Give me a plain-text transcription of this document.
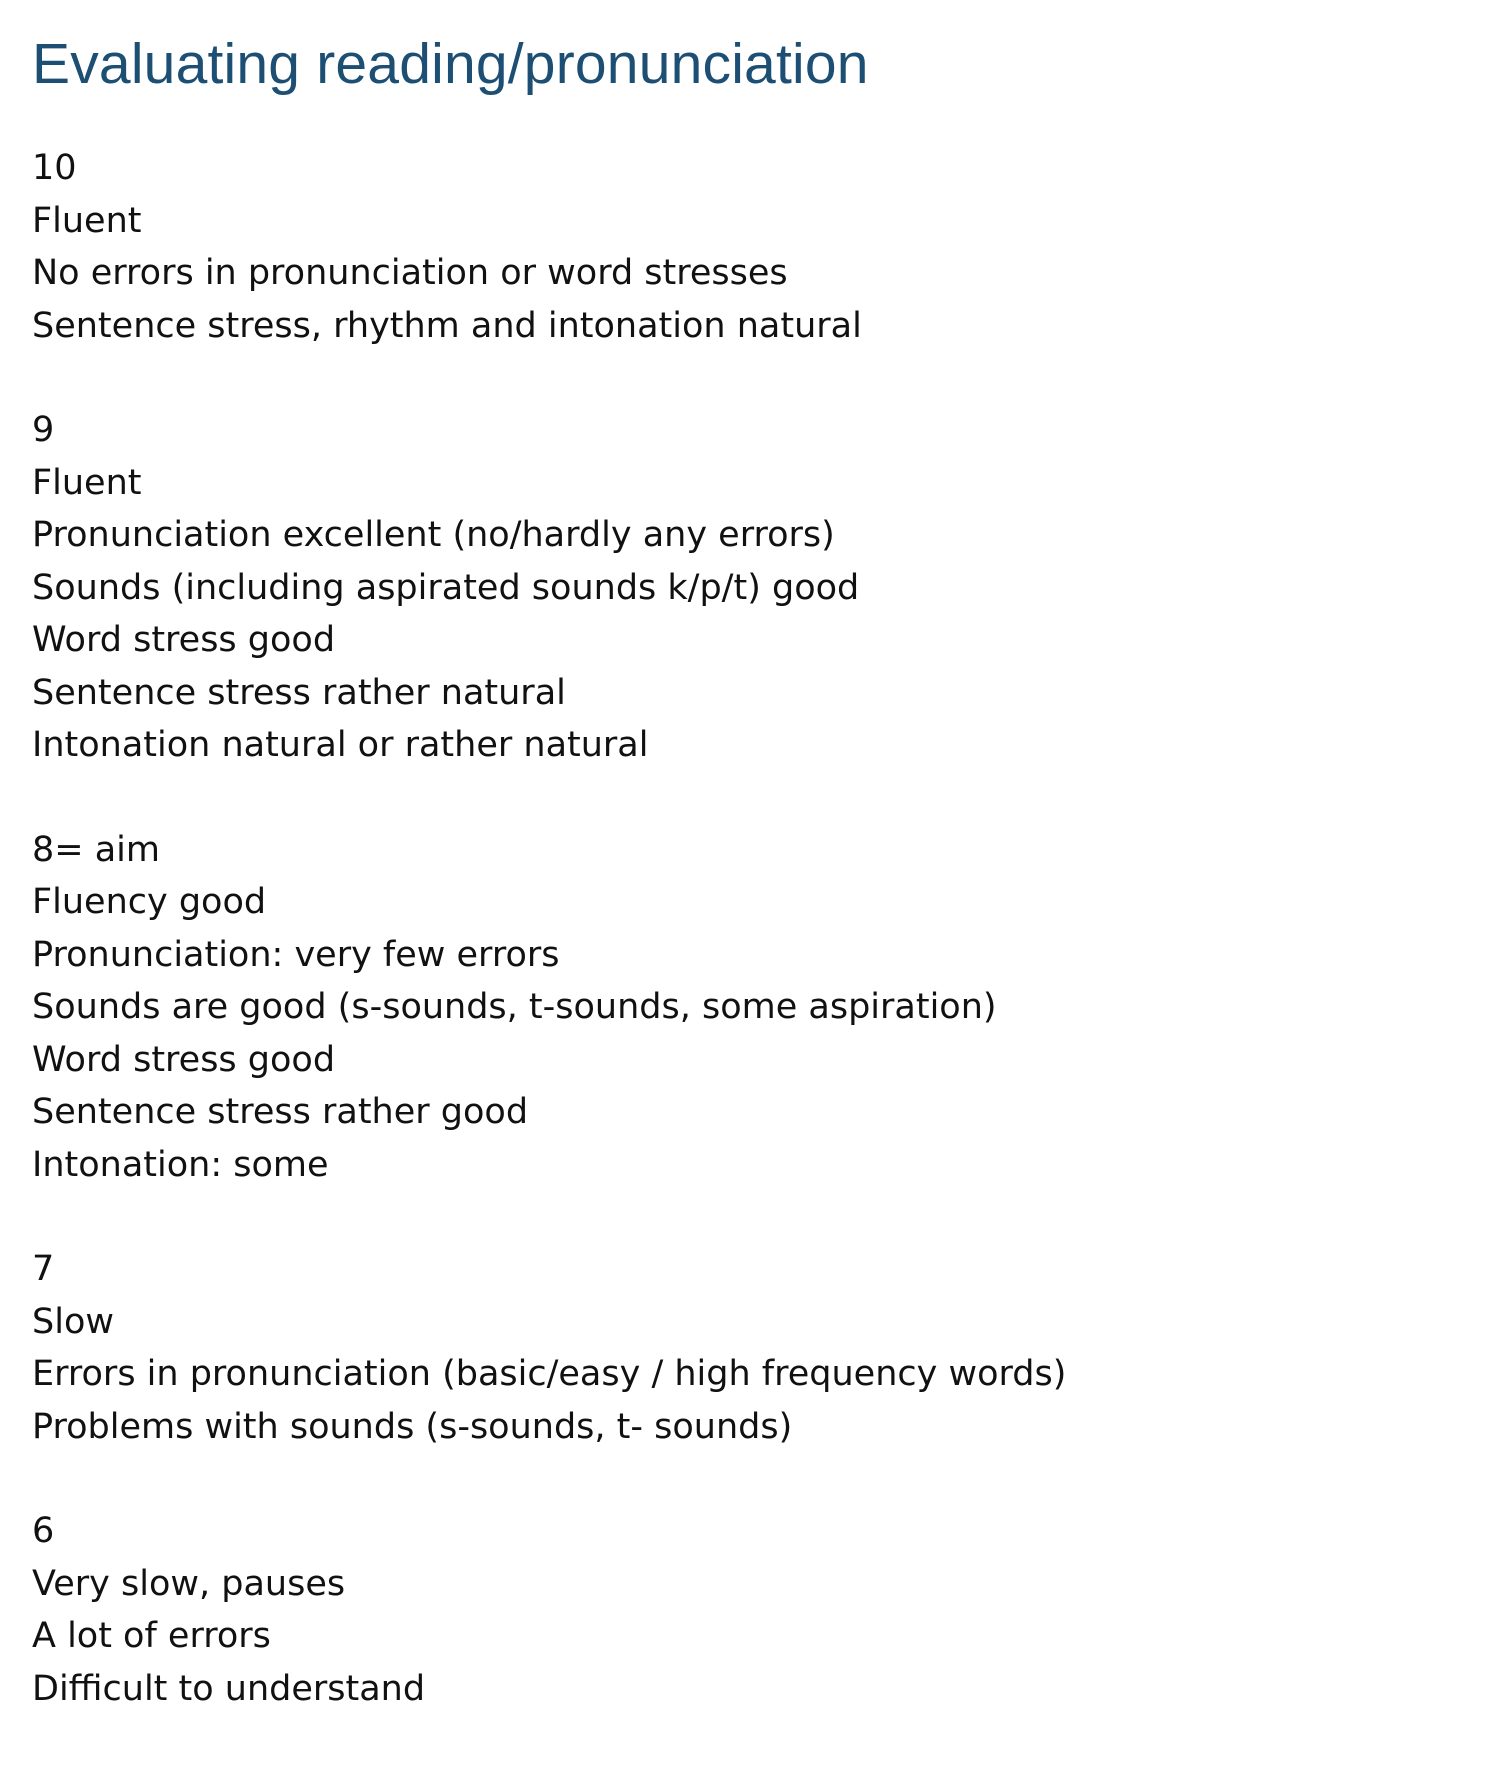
Evaluating reading/pronunciation
10
Fluent
No errors in pronunciation or word stresses
Sentence stress, rhythm and intonation natural
9
Fluent
Pronunciation excellent (no/hardly any errors)
Sounds (including aspirated sounds k/p/t) good
Word stress good
Sentence stress rather natural
Intonation natural or rather natural
8= aim
Fluency good
Pronunciation: very few errors
Sounds are good (s-sounds, t-sounds, some aspiration)
Word stress good
Sentence stress rather good
Intonation: some
7
Slow
Errors in pronunciation (basic/easy / high frequency words)
Problems with sounds (s-sounds, t- sounds)
6
Very slow, pauses
A lot of errors
Difficult to understand
